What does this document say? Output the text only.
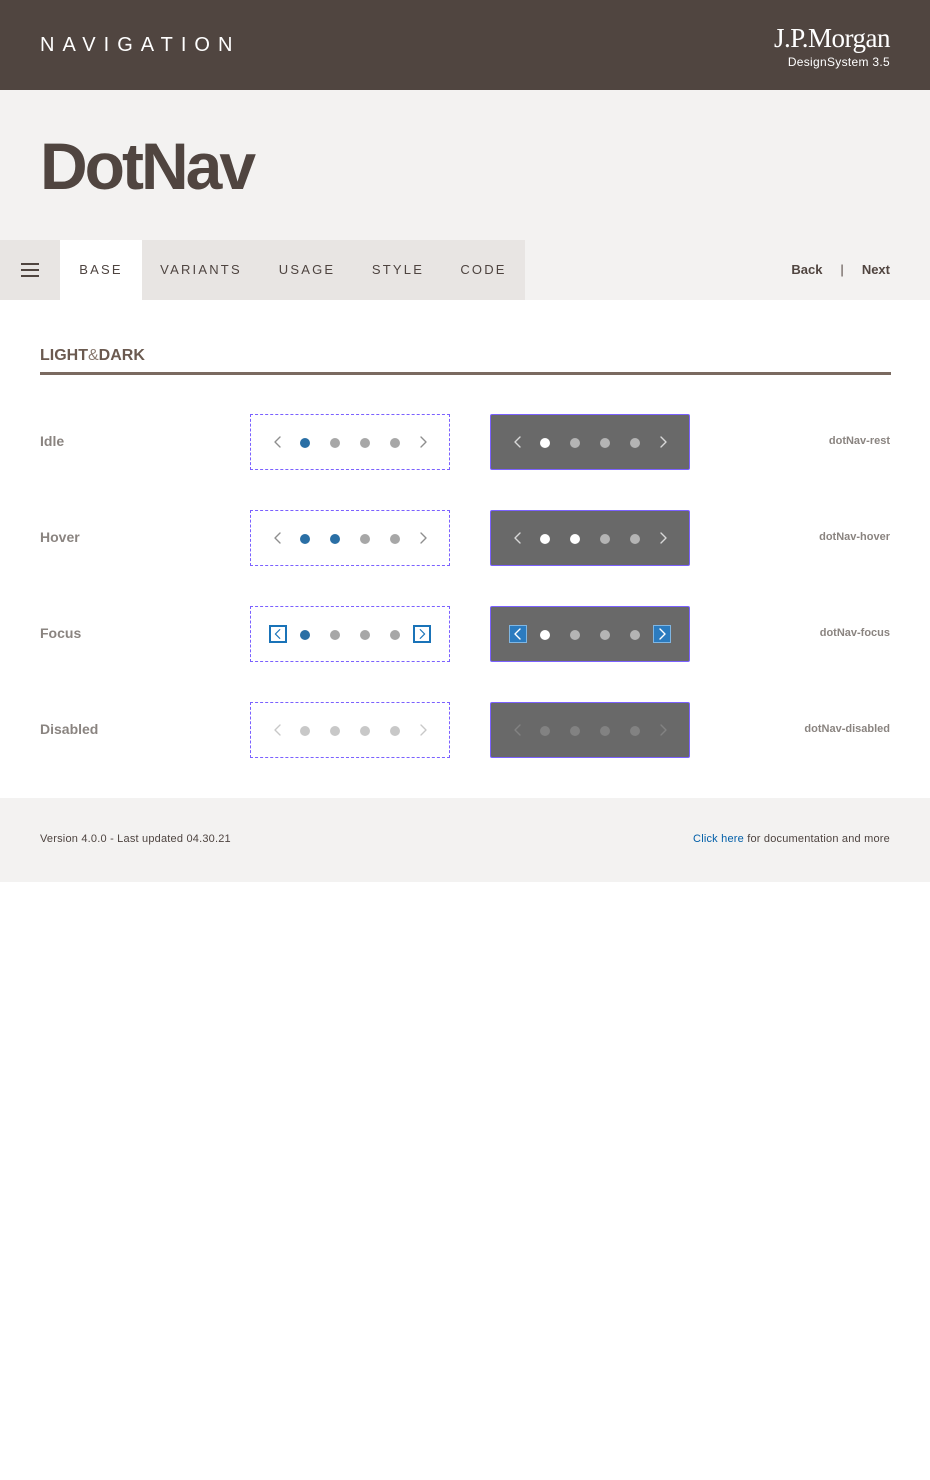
NAVIGATION	J.P.Morgan
DesignSystem 3.5
DotNav
BASE	VARIANTS	USAGE	STYLE	CODE	Back | Next
LIGHT&DARK
Idle	dotNav-rest
Hover	dotNav-hover
Focus	dotNav-focus
Disabled	dotNav-disabled
Version 4.0.0 - Last updated 04.30.21	Click here for documentation and more
